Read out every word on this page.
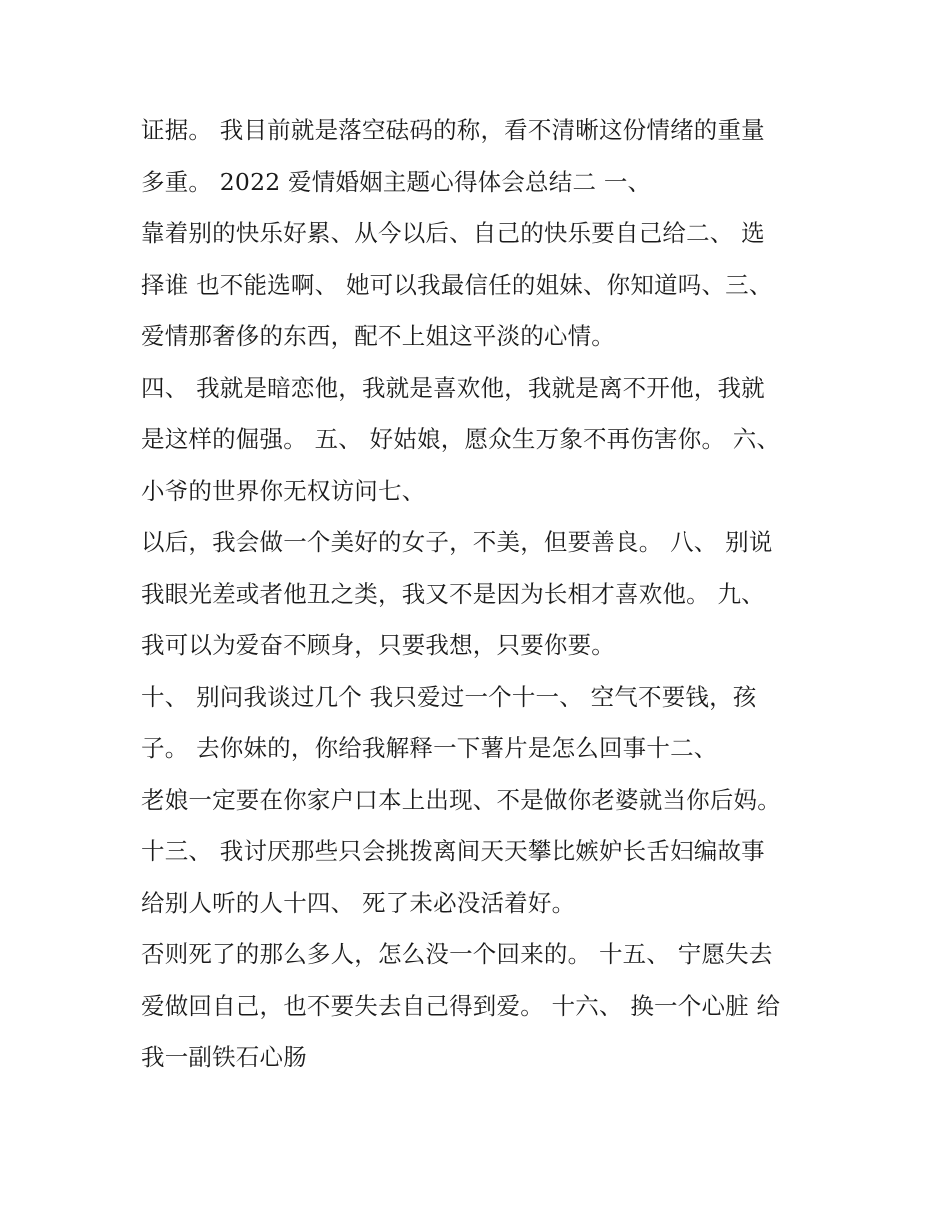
证据。 我目前就是落空砝码的称，看不清晰这份情绪的重量
多重。 2022 爱情婚姻主题心得体会总结二 一、
靠着别的快乐好累、从今以后、自己的快乐要自己给二、 选
择谁 也不能选啊、 她可以我最信任的姐妹、你知道吗、三、
爱情那奢侈的东西，配不上姐这平淡的心情。
四、 我就是暗恋他，我就是喜欢他，我就是离不开他，我就
是这样的倔强。 五、 好姑娘，愿众生万象不再伤害你。 六、
小爷的世界你无权访问七、
以后，我会做一个美好的女子，不美，但要善良。 八、 别说
我眼光差或者他丑之类，我又不是因为长相才喜欢他。 九、
我可以为爱奋不顾身，只要我想，只要你要。
十、 别问我谈过几个 我只爱过一个十一、 空气不要钱，孩
子。 去你妹的，你给我解释一下薯片是怎么回事十二、
老娘一定要在你家户口本上出现、不是做你老婆就当你后妈。
十三、 我讨厌那些只会挑拨离间天天攀比嫉妒长舌妇编故事
给别人听的人十四、 死了未必没活着好。
否则死了的那么多人，怎么没一个回来的。 十五、 宁愿失去
爱做回自己，也不要失去自己得到爱。 十六、 换一个心脏 给
我一副铁石心肠
